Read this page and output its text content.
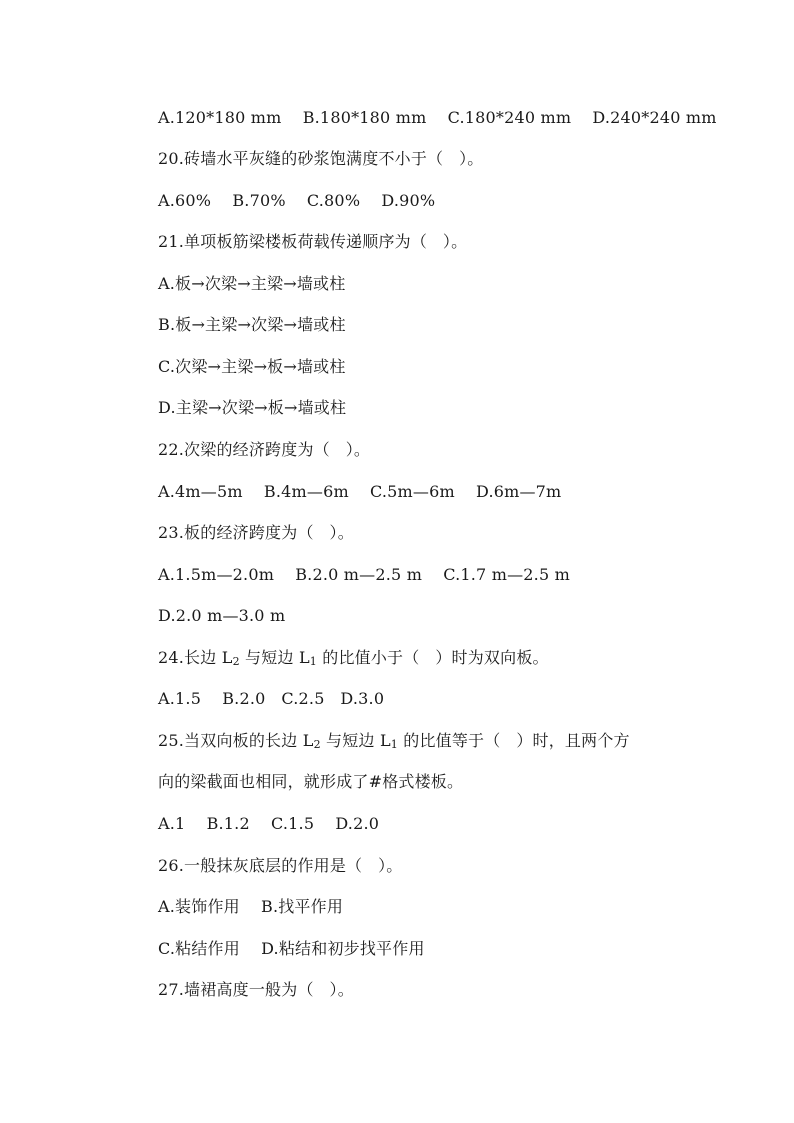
A.120*180 mm    B.180*180 mm    C.180*240 mm    D.240*240 mm
20.砖墙水平灰缝的砂浆饱满度不小于（   ）。
A.60%    B.70%    C.80%    D.90%
21.单项板筋梁楼板荷载传递顺序为（   ）。
A.板→次梁→主梁→墙或柱
B.板→主梁→次梁→墙或柱
C.次梁→主梁→板→墙或柱
D.主梁→次梁→板→墙或柱
22.次梁的经济跨度为（   ）。
A.4m—5m    B.4m—6m    C.5m—6m    D.6m—7m
23.板的经济跨度为（   ）。
A.1.5m—2.0m    B.2.0 m—2.5 m    C.1.7 m—2.5 m
D.2.0 m—3.0 m
24.长边 L2 与短边 L1 的比值小于（   ）时为双向板。
A.1.5    B.2.0   C.2.5   D.3.0
25.当双向板的长边 L2 与短边 L1 的比值等于（   ）时，且两个方
向的梁截面也相同，就形成了#格式楼板。
A.1    B.1.2    C.1.5    D.2.0
26.一般抹灰底层的作用是（   ）。
A.装饰作用    B.找平作用
C.粘结作用    D.粘结和初步找平作用
27.墙裙高度一般为（   ）。
